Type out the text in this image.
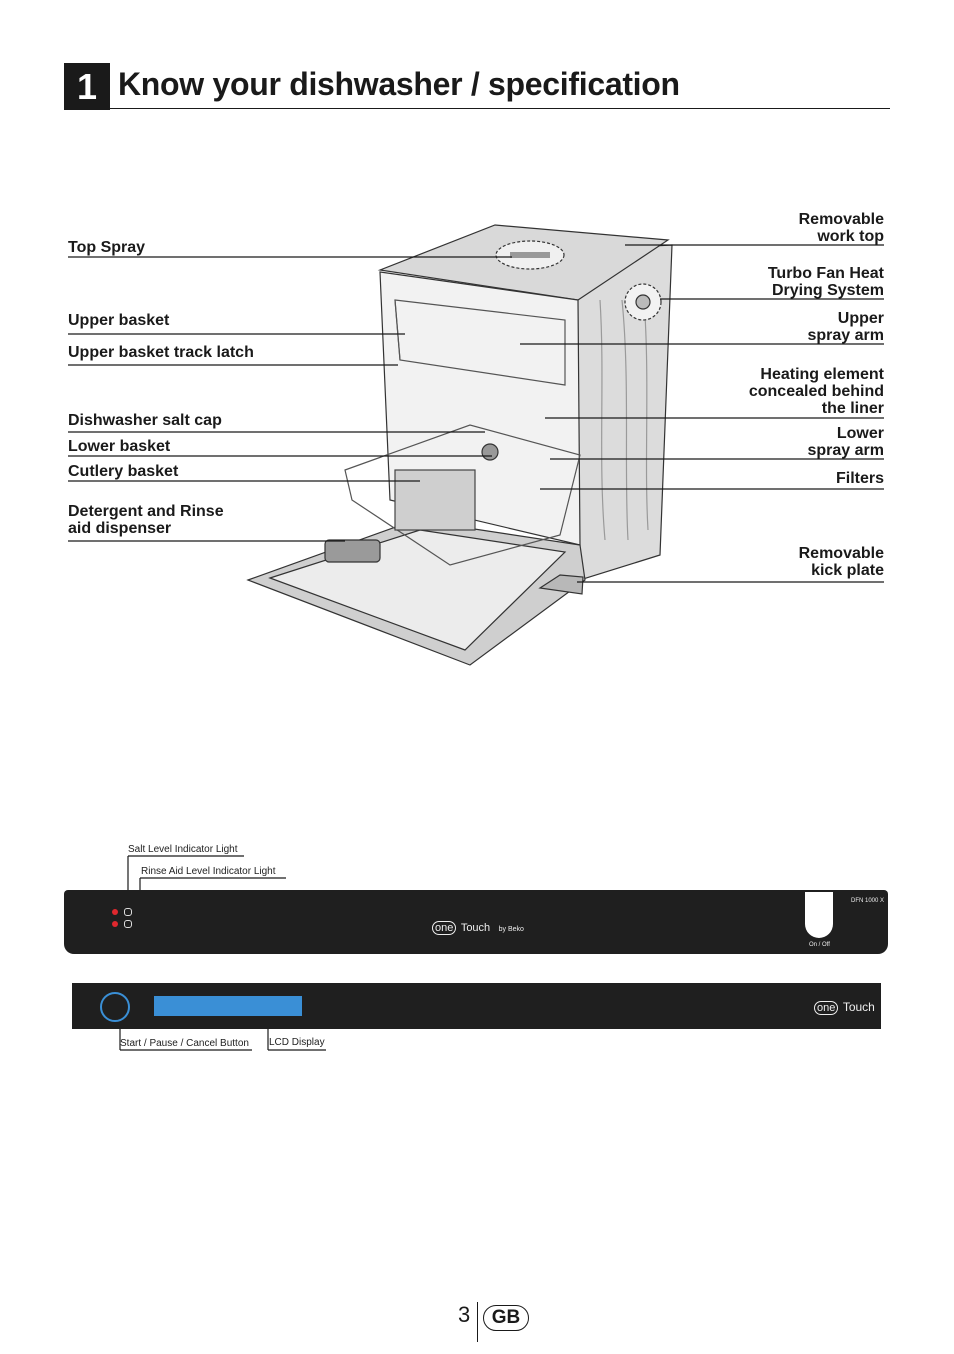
1 Know your dishwasher / specification
Top Spray
Upper basket
Upper basket track latch
Dishwasher salt cap
Lower basket
Cutlery basket
Detergent and Rinse
aid dispenser
Removable
work top
Turbo Fan Heat
Drying System
Upper
spray arm
Heating element
concealed behind
the liner
Lower
spray arm
Filters
Removable
kick plate
Salt Level Indicator Light
Rinse Aid Level Indicator Light
one Touch by Beko
DFN 1000 X
On / Off
one Touch
Start / Pause / Cancel Button LCD Display
3	GB
